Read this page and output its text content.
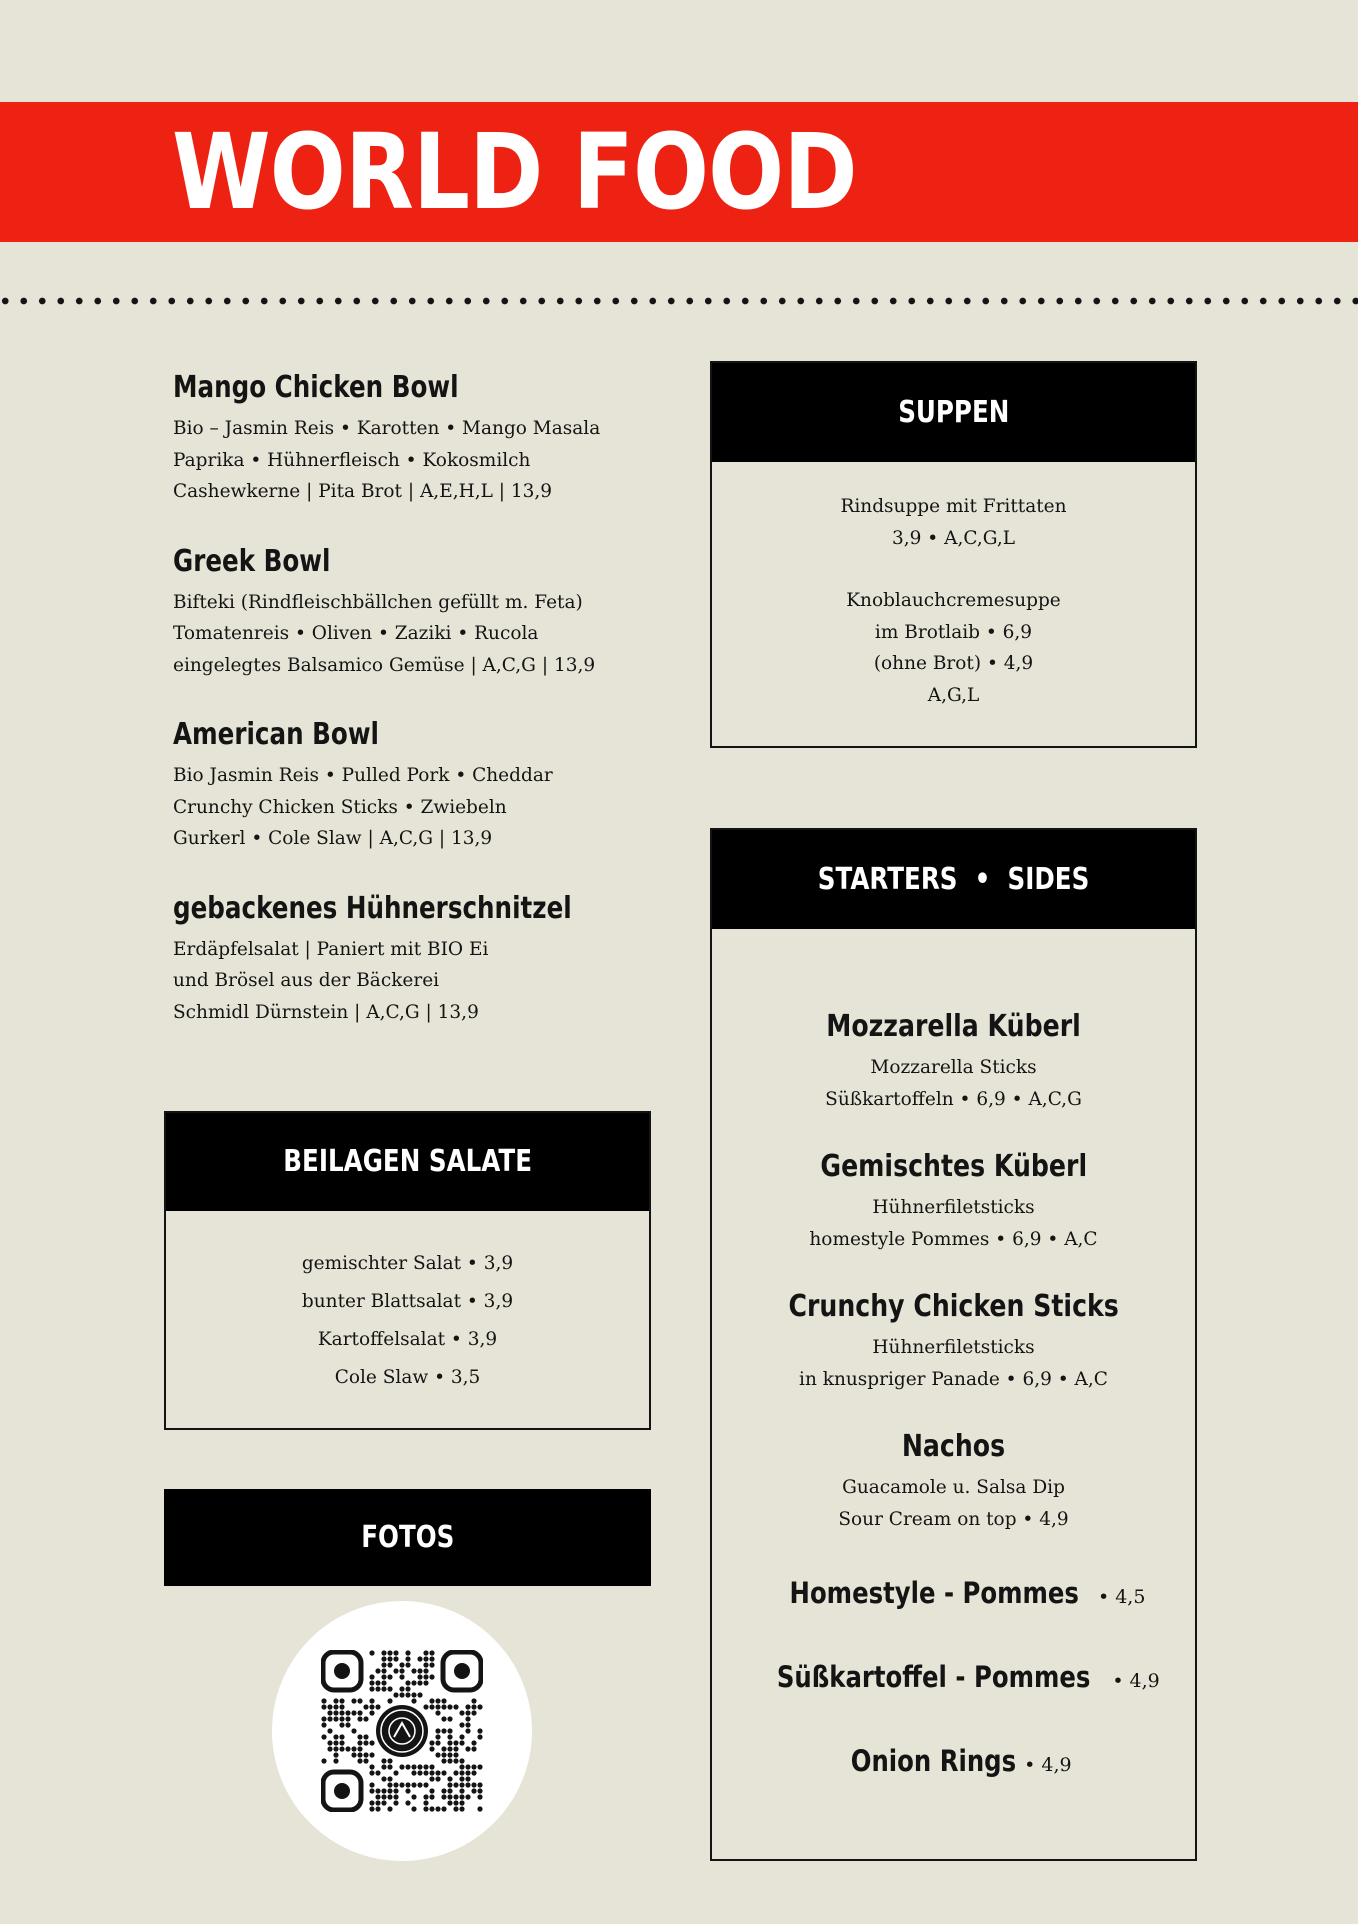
WORLD FOOD
Mango Chicken Bowl
Bio – Jasmin Reis • Karotten • Mango Masala
Paprika • Hühnerfleisch • Kokosmilch
Cashewkerne | Pita Brot | A,E,H,L | 13,9
Greek Bowl
Bifteki (Rindfleischbällchen gefüllt m. Feta)
Tomatenreis • Oliven • Zaziki • Rucola
eingelegtes Balsamico Gemüse | A,C,G | 13,9
American Bowl
Bio Jasmin Reis • Pulled Pork • Cheddar
Crunchy Chicken Sticks • Zwiebeln
Gurkerl • Cole Slaw | A,C,G | 13,9
gebackenes Hühnerschnitzel
Erdäpfelsalat | Paniert mit BIO Ei
und Brösel aus der Bäckerei
Schmidl Dürnstein | A,C,G | 13,9
SUPPEN
Rindsuppe mit Frittaten
3,9 • A,C,G,L
Knoblauchcremesuppe
im Brotlaib • 6,9
(ohne Brot) • 4,9
A,G,L
STARTERS  •  SIDES
Mozzarella Küberl
Mozzarella Sticks
Süßkartoffeln • 6,9 • A,C,G
Gemischtes Küberl
Hühnerfiletsticks
homestyle Pommes • 6,9 • A,C
Crunchy Chicken Sticks
Hühnerfiletsticks
in knuspriger Panade • 6,9 • A,C
Nachos
Guacamole u. Salsa Dip
Sour Cream on top • 4,9
Homestyle - Pommes • 4,5
Süßkartoffel - Pommes • 4,9
Onion Rings • 4,9
BEILAGEN SALATE
gemischter Salat • 3,9
bunter Blattsalat • 3,9
Kartoffelsalat • 3,9
Cole Slaw • 3,5
FOTOS
